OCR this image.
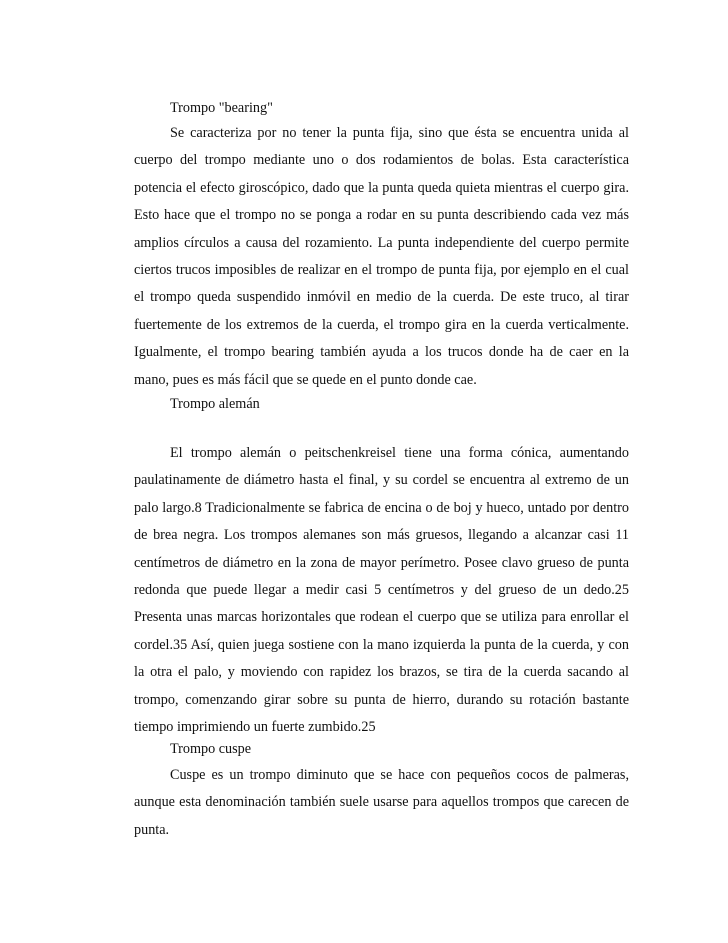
Trompo "bearing"

Se caracteriza por no tener la punta fija, sino que ésta se encuentra unida al cuerpo del trompo mediante uno o dos rodamientos de bolas. Esta característica potencia el efecto giroscópico, dado que la punta queda quieta mientras el cuerpo gira. Esto hace que el trompo no se ponga a rodar en su punta describiendo cada vez más amplios círculos a causa del rozamiento. La punta independiente del cuerpo permite ciertos trucos imposibles de realizar en el trompo de punta fija, por ejemplo en el cual el trompo queda suspendido inmóvil en medio de la cuerda. De este truco, al tirar fuertemente de los extremos de la cuerda, el trompo gira en la cuerda verticalmente. Igualmente, el trompo bearing también ayuda a los trucos donde ha de caer en la mano, pues es más fácil que se quede en el punto donde cae.

Trompo alemán

El trompo alemán o peitschenkreisel tiene una forma cónica, aumentando paulatinamente de diámetro hasta el final, y su cordel se encuentra al extremo de un palo largo.8 Tradicionalmente se fabrica de encina o de boj y hueco, untado por dentro de brea negra. Los trompos alemanes son más gruesos, llegando a alcanzar casi 11 centímetros de diámetro en la zona de mayor perímetro. Posee clavo grueso de punta redonda que puede llegar a medir casi 5 centímetros y del grueso de un dedo.25 Presenta unas marcas horizontales que rodean el cuerpo que se utiliza para enrollar el cordel.35 Así, quien juega sostiene con la mano izquierda la punta de la cuerda, y con la otra el palo, y moviendo con rapidez los brazos, se tira de la cuerda sacando al trompo, comenzando girar sobre su punta de hierro, durando su rotación bastante tiempo imprimiendo un fuerte zumbido.25

Trompo cuspe

Cuspe es un trompo diminuto que se hace con pequeños cocos de palmeras, aunque esta denominación también suele usarse para aquellos trompos que carecen de punta.
